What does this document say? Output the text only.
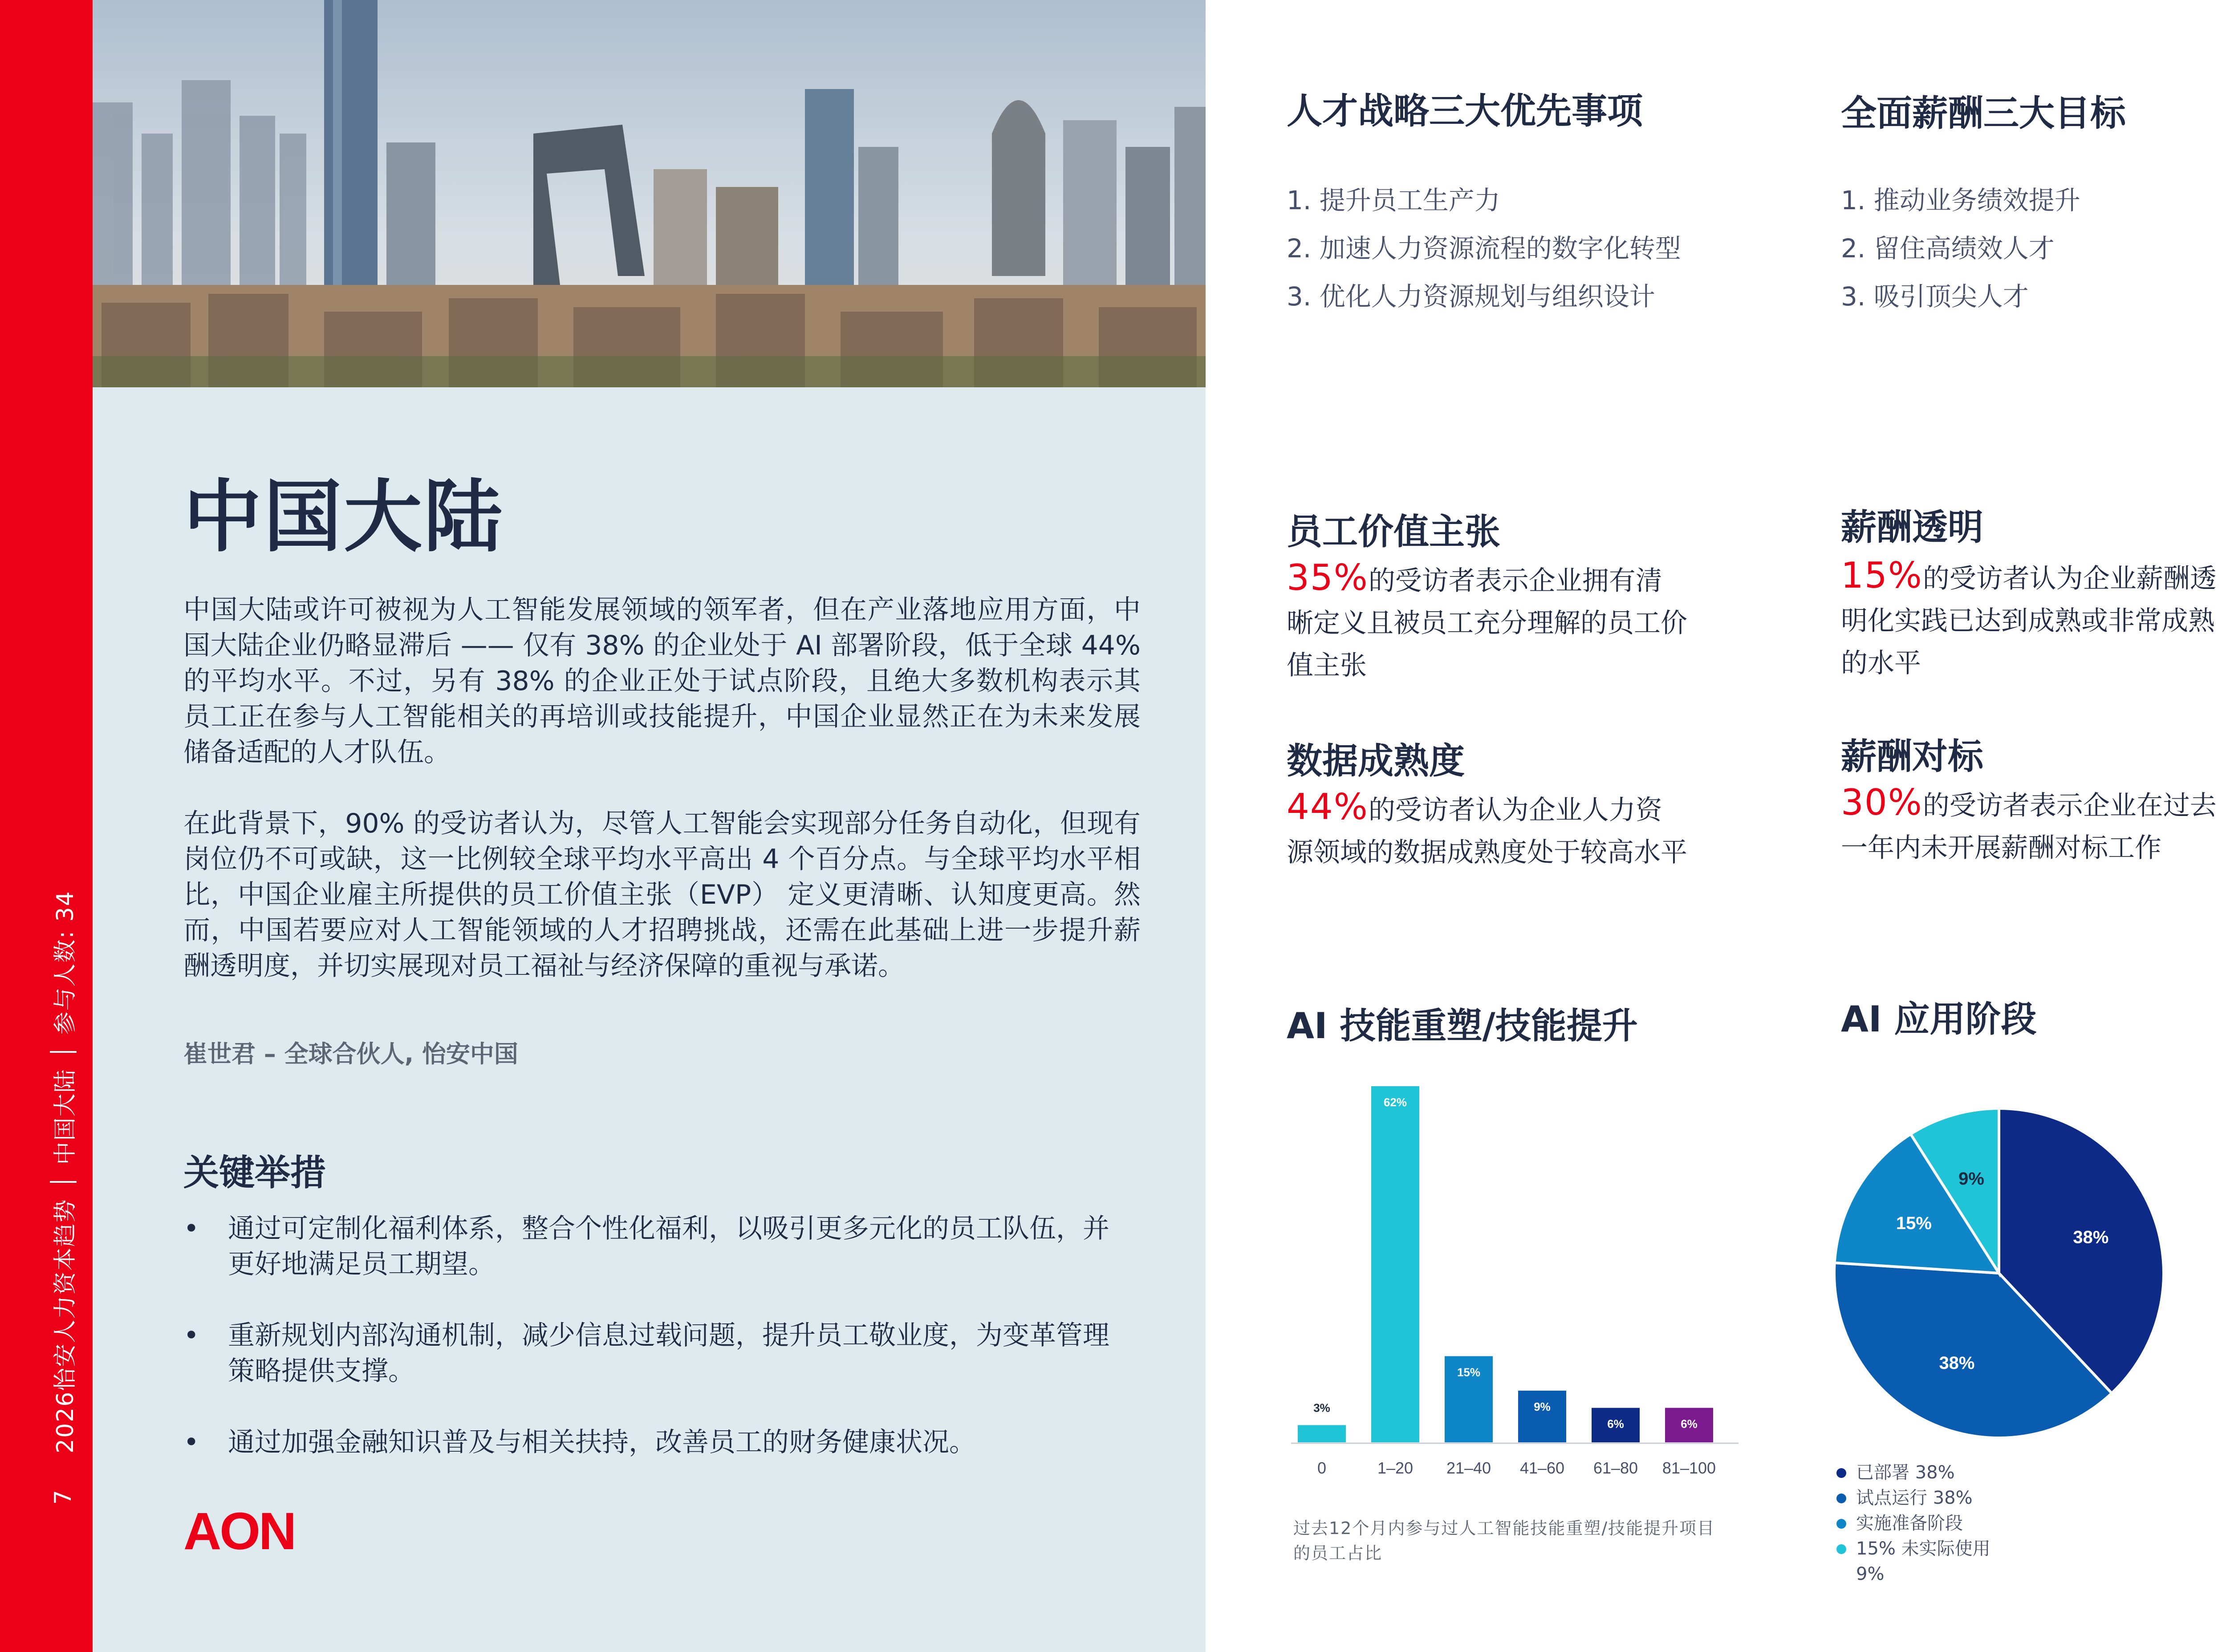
7
2026怡安人力资本趋势
中国大陆
参与人数: 34
中国大陆

中国大陆或许可被视为人工智能发展领域的领军者，但在产业落地应用方面，中国大陆企业仍略显滞后 —— 仅有 38% 的企业处于 AI 部署阶段，低于全球 44% 的平均水平。不过，另有 38% 的企业正处于试点阶段，且绝大多数机构表示其员工正在参与人工智能相关的再培训或技能提升，中国企业显然正在为未来发展储备适配的人才队伍。

在此背景下，90% 的受访者认为，尽管人工智能会实现部分任务自动化，但现有岗位仍不可或缺，这一比例较全球平均水平高出 4 个百分点。与全球平均水平相比，中国企业雇主所提供的员工价值主张（EVP） 定义更清晰、认知度更高。然而，中国若要应对人工智能领域的人才招聘挑战，还需在此基础上进一步提升薪酬透明度，并切实展现对员工福祉与经济保障的重视与承诺。

崔世君 – 全球合伙人, 怡安中国
关键举措
• 通过可定制化福利体系，整合个性化福利，以吸引更多元化的员工队伍，并更好地满足员工期望。
• 重新规划内部沟通机制，减少信息过载问题，提升员工敬业度，为变革管理策略提供支撑。
• 通过加强金融知识普及与相关扶持，改善员工的财务健康状况。
AON
人才战略三大优先事项
1. 提升员工生产力
2. 加速人力资源流程的数字化转型
3. 优化人力资源规划与组织设计
全面薪酬三大目标
1. 推动业务绩效提升
2. 留住高绩效人才
3. 吸引顶尖人才
员工价值主张
35%的受访者表示企业拥有清晰定义且被员工充分理解的员工价值主张
数据成熟度
44%的受访者认为企业人力资源领域的数据成熟度处于较高水平
薪酬透明
15%的受访者认为企业薪酬透明化实践已达到成熟或非常成熟的水平
薪酬对标
30%的受访者表示企业在过去一年内未开展薪酬对标工作
AI 技能重塑/技能提升	AI 应用阶段
3%
0
62%
1–20
15%
21–40
9%
41–60
6%
61–80
6%
81–100
过去12个月内参与过人工智能技能重塑/技能提升项目的员工占比
38%
38%
15%
9%
已部署 38%
试点运行 38%
实施准备阶段
15% 未实际使用
9%
